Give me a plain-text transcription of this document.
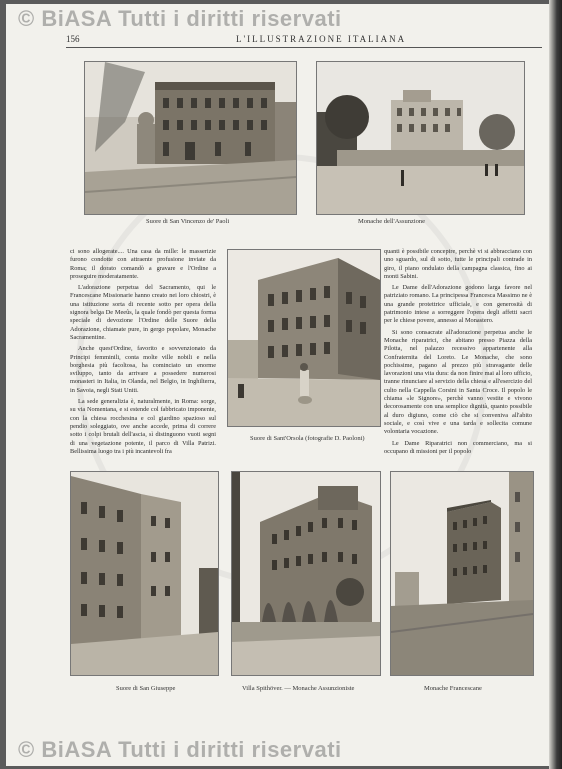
156	L'ILLUSTRAZIONE ITALIANA
Suore di San Vincenzo de' Paoli	Monache dell'Assunzione

ci sono allogerate.... Una casa da mille: le masserizie furono condotte con attraente profusione inviate da Roma; il dorato comandò a gravare e l'Ordine a proseguire moderatamente.

L'adorazione perpetua del Sacramento, qui le Francescane Missionarie hanno creato nei loro chiostri, è una istituzione sorta di recente sotto per opera della signora belga De Meeûs, la quale fondò per questa forma speciale di devozione l'Ordine delle Suore della Adorazione, chiamate pure, in gergo popolare, Monache Sacramentine.

Anche quest'Ordine, favorito e sovvenzionato da Principi femminili, conta molte ville nobili e nella borghesia più facoltosa, ha cominciato un enorme sviluppo, tanto da arrivare a possedere numerosi monasteri in Italia, in Olanda, nel Belgio, in Inghilterra, in Savoia, negli Stati Uniti.

La sede generalizia è, naturalmente, in Roma: sorge, su via Nomentana, e si estende col fabbricato imponente, con la chiesa rocchesina e col giardino spazioso sul pendio soleggiato, ove anche accede, prima di correre sotto i colpi brutali dell'ascia, sì distinguono vuoti segni di una vegetazione potente, il parco di Villa Patrizi. Bellissima luogo tra i più incantevoli fra

Suore di Sant'Orsola (fotografie D. Paoloni)

quanti è possibile concepire, perchè vi si abbracciano con uno sguardo, sul di sotto, tutte le principali contrade in giro, il piano ondulato della campagna classica, fino ai monti Sabini.

Le Dame dell'Adorazione godono larga favore nel patriziato romano. La principessa Francesca Massimo ne è una grande protettrice ufficiale, e con generosità di patrimonio intese a sorreggere l'opera degli affetti sacri per le chiese povere, annesso al Monastero.

Si sono consacrate all'adorazione perpetua anche le Monache riparatrici, che abitano presso Piazza della Pilotta, nel palazzo recessivo appartenente alla Confraternita del Loreto. Le Monache, che sono pochissime, pagano al prezzo più stravagante delle lavorazioni una vita dura: da non finire mai al loro ufficio, tranne rinunciare al servizio della chiesa e all'esercizio del culto nella Cappella Corsini in Santa Croce. Il popolo le chiama «le Signore», perchè vanno vestite e vivono decorosamente con una semplice dignità, quanto possibile al duro digiuno, come ciò che si conveniva all'abito sociale, e così vive e una tarda e sollecita comune volontaria vocazione.

Le Dame Riparatrici non commerciano, ma si occupano di missioni per il popolo

Suore di San Giuseppe	Villa Spithöver. — Monache Assunzioniste	Monache Francescane
© BiASA Tutti i diritti riservati
© BiASA Tutti i diritti riservati
